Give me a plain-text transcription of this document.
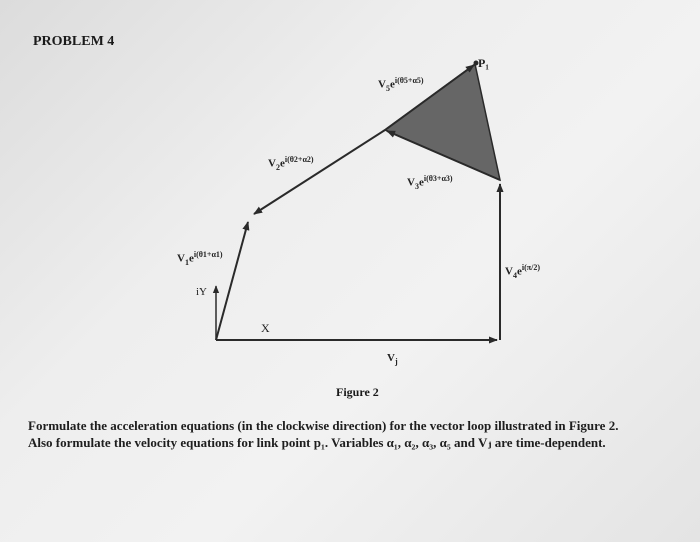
PROBLEM 4
$V_5e^{i(\theta 5+\alpha 5)}$
P₁
$V_2e^{i(\theta 2+\alpha 2)}$
$V_3e^{i(\theta 3+\alpha 3)}$
$V_1e^{i(\theta 1+\alpha 1)}$
$V_4e^{i(\pi/2)}$
iY
X
$V_j$
Figure 2
Formulate the acceleration equations (in the clockwise direction) for the vector loop illustrated in Figure 2.
Also formulate the velocity equations for link point p₁. Variables α₁, α₂, α₃, α₅ and Vⱼ are time-dependent.
